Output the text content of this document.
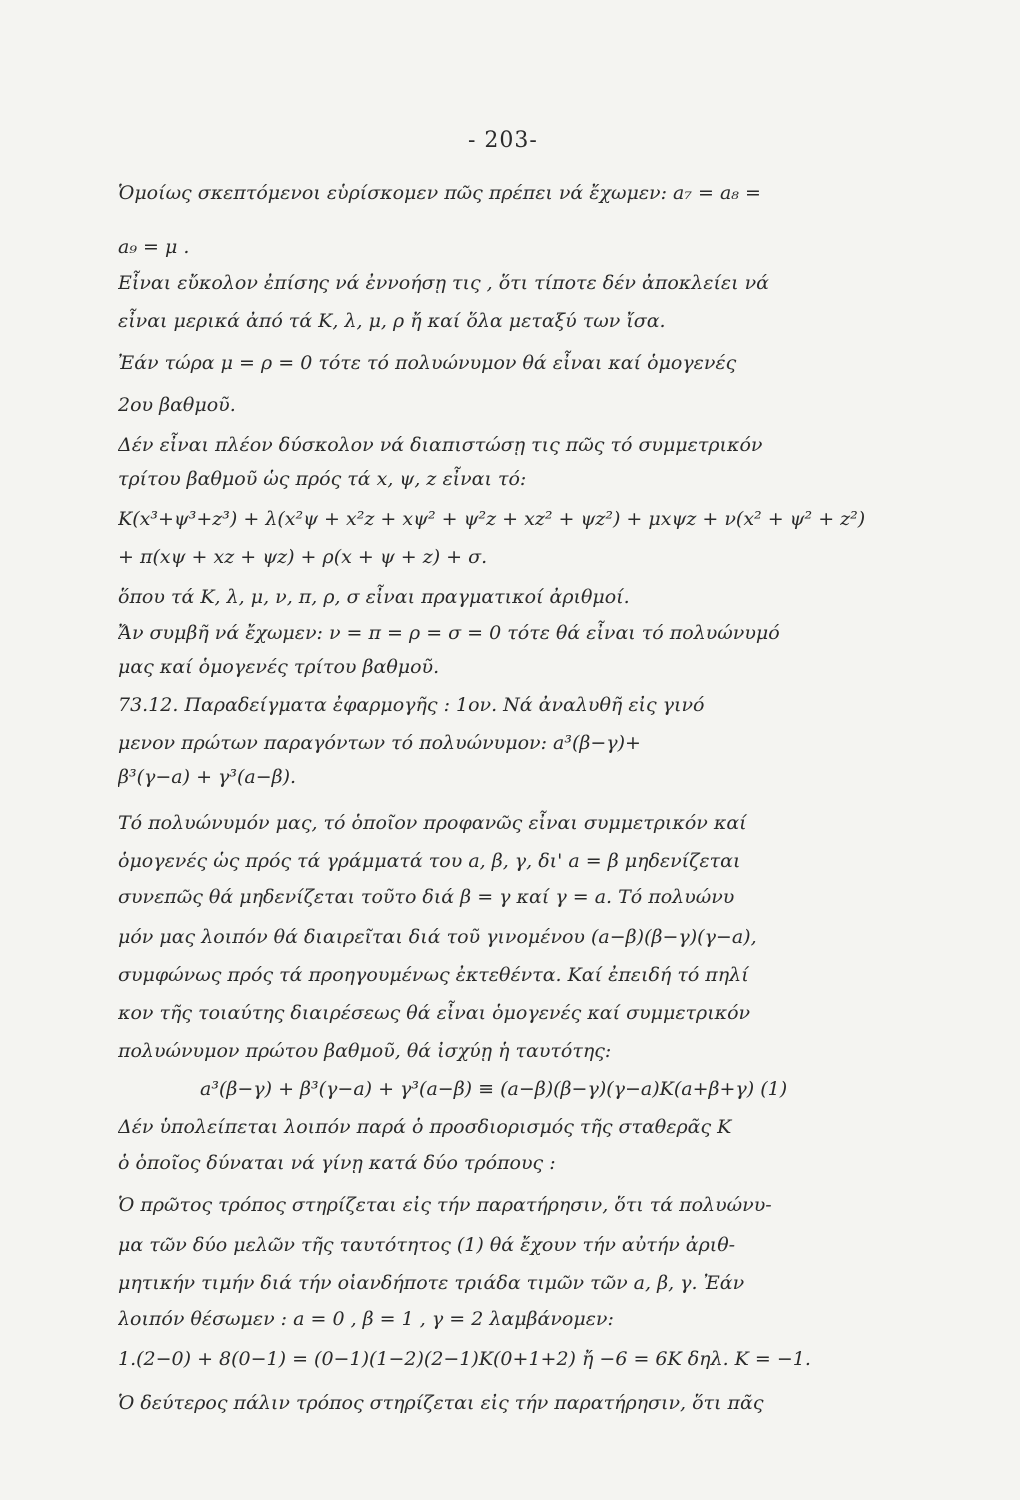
- 203-
Ὁμοίως σκεπτόμενοι εὑρίσκομεν πῶς πρέπει νά ἔχωμεν: a₇ = a₈ =
a₉ = μ .
Εἶναι εὔκολον ἐπίσης νά ἐννοήσῃ τις , ὅτι τίποτε δέν ἀποκλείει νά
εἶναι μερικά ἀπό τά K, λ, μ, ρ ἤ καί ὅλα μεταξύ των ἴσα.
Ἐάν τώρα μ = ρ = 0 τότε τό πολυώνυμον θά εἶναι καί ὁμογενές
2ου βαθμοῦ.
Δέν εἶναι πλέον δύσκολον νά διαπιστώσῃ τις πῶς τό συμμετρικόν
τρίτου βαθμοῦ ὡς πρός τά x, ψ, z εἶναι τό:
K(x³+ψ³+z³) + λ(x²ψ + x²z + xψ² + ψ²z + xz² + ψz²) + μxψz + ν(x² + ψ² + z²)
+ π(xψ + xz + ψz) + ρ(x + ψ + z) + σ.
ὅπου τά K, λ, μ, ν, π, ρ, σ εἶναι πραγματικοί ἀριθμοί.
Ἄν συμβῆ νά ἔχωμεν: ν = π = ρ = σ = 0 τότε θά εἶναι τό πολυώνυμό
μας καί ὁμογενές τρίτου βαθμοῦ.
73.12. Παραδείγματα ἐφαρμογῆς : 1ον. Νά ἀναλυθῆ εἰς γινό
μενον πρώτων παραγόντων τό πολυώνυμον: a³(β−γ)+
β³(γ−a) + γ³(a−β).
Τό πολυώνυμόν μας, τό ὁποῖον προφανῶς εἶναι συμμετρικόν καί
ὁμογενές ὡς πρός τά γράμματά του a, β, γ, δι' a = β μηδενίζεται
συνεπῶς θά μηδενίζεται τοῦτο διά β = γ καί γ = a. Τό πολυώνυ
μόν μας λοιπόν θά διαιρεῖται διά τοῦ γινομένου (a−β)(β−γ)(γ−a),
συμφώνως πρός τά προηγουμένως ἐκτεθέντα. Καί ἐπειδή τό πηλί
κον τῆς τοιαύτης διαιρέσεως θά εἶναι ὁμογενές καί συμμετρικόν
πολυώνυμον πρώτου βαθμοῦ, θά ἰσχύῃ ἡ ταυτότης:
a³(β−γ) + β³(γ−a) + γ³(a−β) ≡ (a−β)(β−γ)(γ−a)K(a+β+γ) (1)
Δέν ὑπολείπεται λοιπόν παρά ὁ προσδιορισμός τῆς σταθερᾶς K
ὁ ὁποῖος δύναται νά γίνῃ κατά δύο τρόπους :
Ὁ πρῶτος τρόπος στηρίζεται εἰς τήν παρατήρησιν, ὅτι τά πολυώνυ-
μα τῶν δύο μελῶν τῆς ταυτότητος (1) θά ἔχουν τήν αὐτήν ἀριθ-
μητικήν τιμήν διά τήν οἱανδήποτε τριάδα τιμῶν τῶν a, β, γ. Ἐάν
λοιπόν θέσωμεν : a = 0 , β = 1 , γ = 2 λαμβάνομεν:
1.(2−0) + 8(0−1) = (0−1)(1−2)(2−1)K(0+1+2) ἤ −6 = 6K δηλ. K = −1.
Ὁ δεύτερος πάλιν τρόπος στηρίζεται εἰς τήν παρατήρησιν, ὅτι πᾶς
